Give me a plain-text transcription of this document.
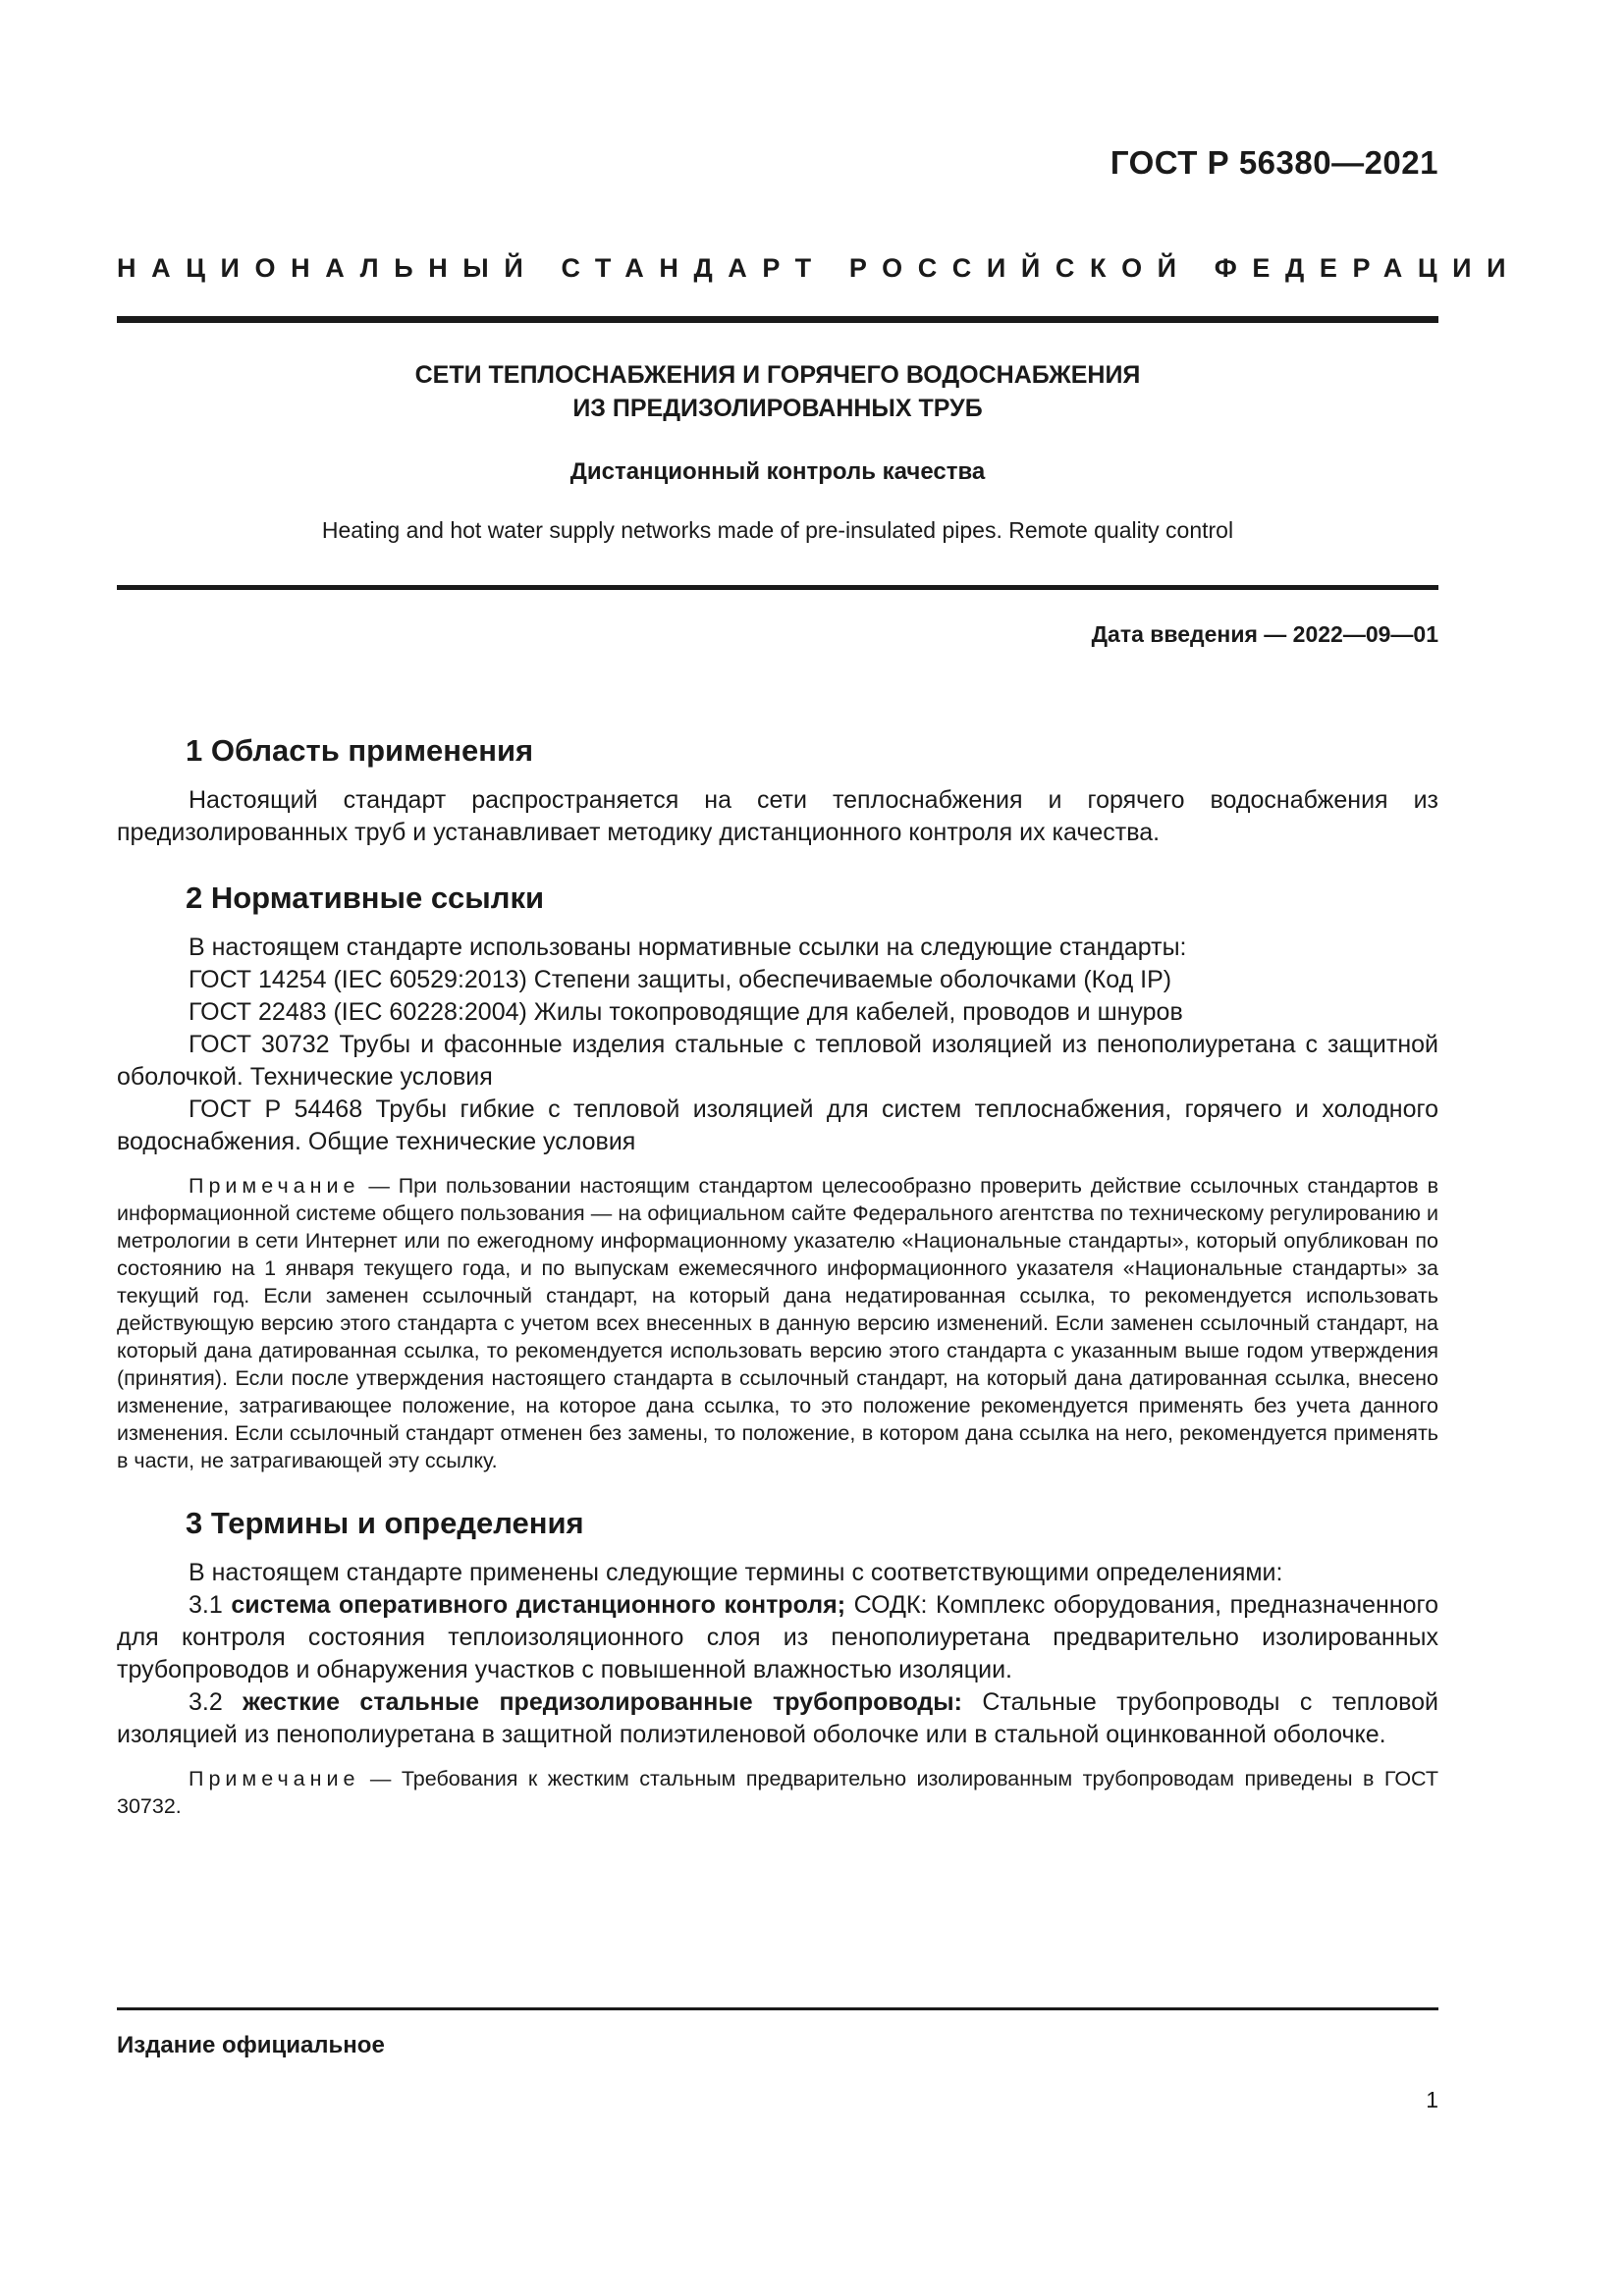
ГОСТ Р 56380—2021
НАЦИОНАЛЬНЫЙ СТАНДАРТ РОССИЙСКОЙ ФЕДЕРАЦИИ
СЕТИ ТЕПЛОСНАБЖЕНИЯ И ГОРЯЧЕГО ВОДОСНАБЖЕНИЯ
ИЗ ПРЕДИЗОЛИРОВАННЫХ ТРУБ
Дистанционный контроль качества
Heating and hot water supply networks made of pre-insulated pipes. Remote quality control
Дата введения — 2022—09—01
1 Область применения

Настоящий стандарт распространяется на сети теплоснабжения и горячего водоснабжения из предизолированных труб и устанавливает методику дистанционного контроля их качества.

2 Нормативные ссылки

В настоящем стандарте использованы нормативные ссылки на следующие стандарты:

ГОСТ 14254 (IEC 60529:2013) Степени защиты, обеспечиваемые оболочками (Код IP)

ГОСТ 22483 (IEC 60228:2004) Жилы токопроводящие для кабелей, проводов и шнуров

ГОСТ 30732 Трубы и фасонные изделия стальные с тепловой изоляцией из пенополиуретана с защитной оболочкой. Технические условия

ГОСТ Р 54468 Трубы гибкие с тепловой изоляцией для систем теплоснабжения, горячего и холодного водоснабжения. Общие технические условия

Примечание — При пользовании настоящим стандартом целесообразно проверить действие ссылочных стандартов в информационной системе общего пользования — на официальном сайте Федерального агентства по техническому регулированию и метрологии в сети Интернет или по ежегодному информационному указателю «Национальные стандарты», который опубликован по состоянию на 1 января текущего года, и по выпускам ежемесячного информационного указателя «Национальные стандарты» за текущий год. Если заменен ссылочный стандарт, на который дана недатированная ссылка, то рекомендуется использовать действующую версию этого стандарта с учетом всех внесенных в данную версию изменений. Если заменен ссылочный стандарт, на который дана датированная ссылка, то рекомендуется использовать версию этого стандарта с указанным выше годом утверждения (принятия). Если после утверждения настоящего стандарта в ссылочный стандарт, на который дана датированная ссылка, внесено изменение, затрагивающее положение, на которое дана ссылка, то это положение рекомендуется применять без учета данного изменения. Если ссылочный стандарт отменен без замены, то положение, в котором дана ссылка на него, рекомендуется применять в части, не затрагивающей эту ссылку.

3 Термины и определения

В настоящем стандарте применены следующие термины с соответствующими определениями:

3.1 система оперативного дистанционного контроля; СОДК: Комплекс оборудования, предназначенного для контроля состояния теплоизоляционного слоя из пенополиуретана предварительно изолированных трубопроводов и обнаружения участков с повышенной влажностью изоляции.

3.2 жесткие стальные предизолированные трубопроводы: Стальные трубопроводы с тепловой изоляцией из пенополиуретана в защитной полиэтиленовой оболочке или в стальной оцинкованной оболочке.

Примечание — Требования к жестким стальным предварительно изолированным трубопроводам приведены в ГОСТ 30732.

Издание официальное
1
